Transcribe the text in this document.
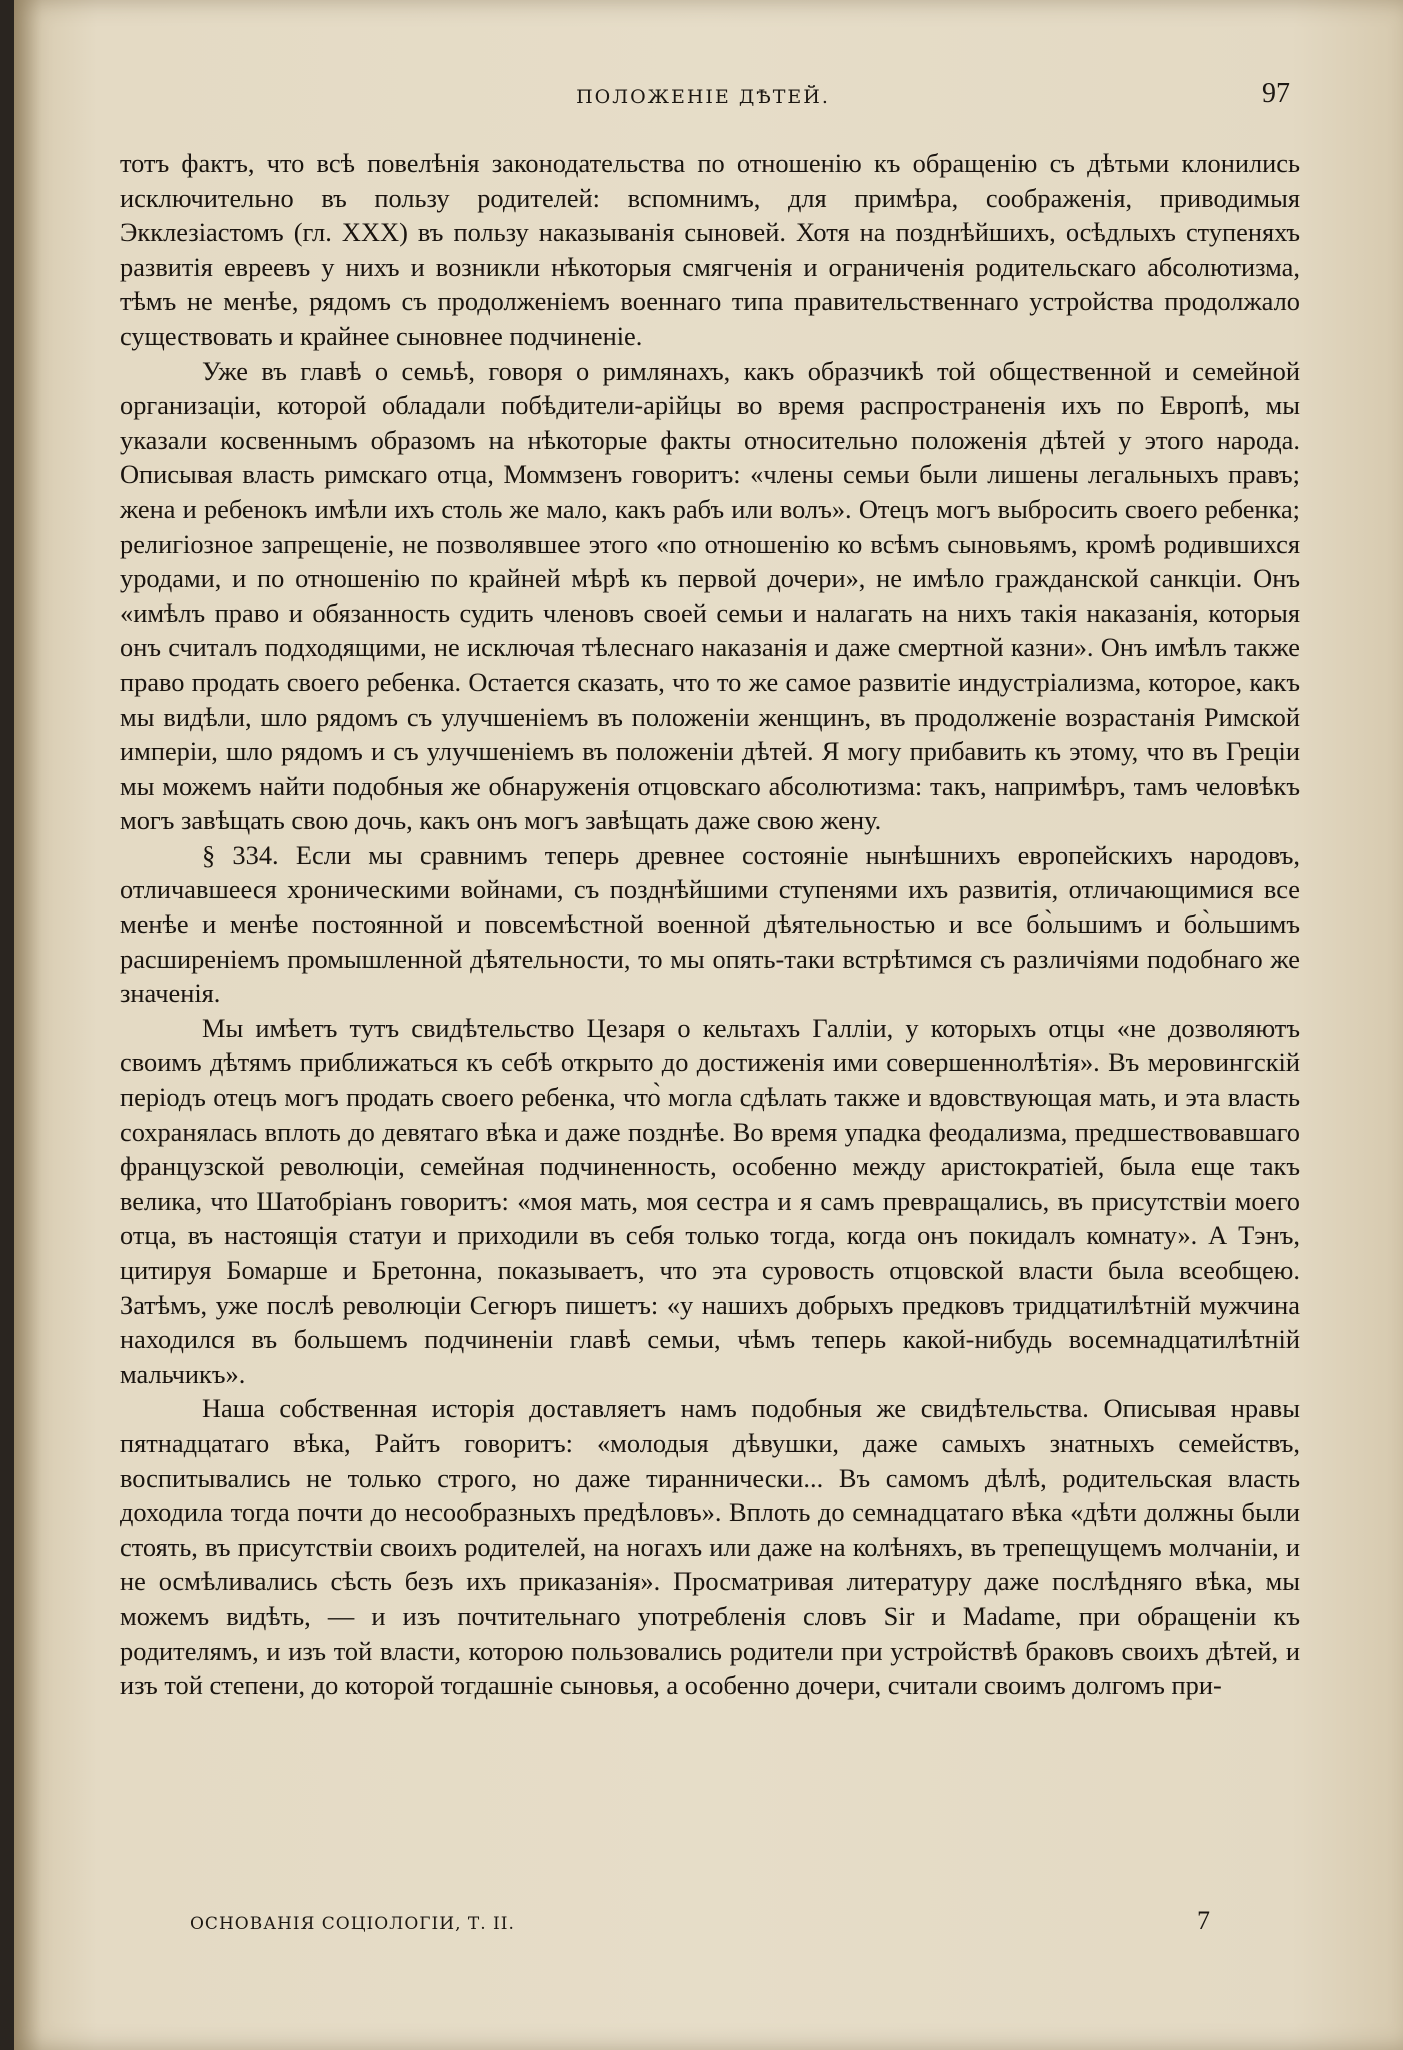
ПОЛОЖЕНІЕ ДѢТЕЙ.	97

тотъ фактъ, что всѣ повелѣнія законодательства по отношенію къ обращенію съ дѣтьми клонились исключительно въ пользу родителей: вспомнимъ, для примѣра, соображенія, приводимыя Экклезіастомъ (гл. XXX) въ пользу наказыванія сыновей. Хотя на позднѣйшихъ, осѣдлыхъ ступеняхъ развитія евреевъ у нихъ и возникли нѣкоторыя смягченія и ограниченія родительскаго абсолютизма, тѣмъ не менѣе, рядомъ съ продолженіемъ военнаго типа правительственнаго устройства продолжало существовать и крайнее сыновнее подчиненіе.

Уже въ главѣ о семьѣ, говоря о римлянахъ, какъ образчикѣ той общественной и семейной организаціи, которой обладали побѣдители-арійцы во время распространенія ихъ по Европѣ, мы указали косвеннымъ образомъ на нѣкоторые факты относительно положенія дѣтей у этого народа. Описывая власть римскаго отца, Моммзенъ говоритъ: «члены семьи были лишены легальныхъ правъ; жена и ребенокъ имѣли ихъ столь же мало, какъ рабъ или волъ». Отецъ могъ выбросить своего ребенка; религіозное запрещеніе, не позволявшее этого «по отношенію ко всѣмъ сыновьямъ, кромѣ родившихся уродами, и по отношенію по крайней мѣрѣ къ первой дочери», не имѣло гражданской санкціи. Онъ «имѣлъ право и обязанность судить членовъ своей семьи и налагать на нихъ такія наказанія, которыя онъ считалъ подходящими, не исключая тѣлеснаго наказанія и даже смертной казни». Онъ имѣлъ также право продать своего ребенка. Остается сказать, что то же самое развитіе индустріализма, которое, какъ мы видѣли, шло рядомъ съ улучшеніемъ въ положеніи женщинъ, въ продолженіе возрастанія Римской имперіи, шло рядомъ и съ улучшеніемъ въ положеніи дѣтей. Я могу прибавить къ этому, что въ Греціи мы можемъ найти подобныя же обнаруженія отцовскаго абсолютизма: такъ, напримѣръ, тамъ человѣкъ могъ завѣщать свою дочь, какъ онъ могъ завѣщать даже свою жену.

§ 334. Если мы сравнимъ теперь древнее состояніе нынѣшнихъ европейскихъ народовъ, отличавшееся хроническими войнами, съ позднѣйшими ступенями ихъ развитія, отличающимися все менѣе и менѣе постоянной и повсемѣстной военной дѣятельностью и все бо̀льшимъ и бо̀льшимъ расширеніемъ промышленной дѣятельности, то мы опять-таки встрѣтимся съ различіями подобнаго же значенія.

Мы имѣетъ тутъ свидѣтельство Цезаря о кельтахъ Галліи, у которыхъ отцы «не дозволяютъ своимъ дѣтямъ приближаться къ себѣ открыто до достиженія ими совершеннолѣтія». Въ меровингскій періодъ отецъ могъ продать своего ребенка, что̀ могла сдѣлать также и вдовствующая мать, и эта власть сохранялась вплоть до девятаго вѣка и даже позднѣе. Во время упадка феодализма, предшествовавшаго французской революціи, семейная подчиненность, особенно между аристократіей, была еще такъ велика, что Шатобріанъ говоритъ: «моя мать, моя сестра и я самъ превращались, въ присутствіи моего отца, въ настоящія статуи и приходили въ себя только тогда, когда онъ покидалъ комнату». А Тэнъ, цитируя Бомарше и Бретонна, показываетъ, что эта суровость отцовской власти была всеобщею. Затѣмъ, уже послѣ революціи Сегюръ пишетъ: «у нашихъ добрыхъ предковъ тридцатилѣтній мужчина находился въ большемъ подчиненіи главѣ семьи, чѣмъ теперь какой-нибудь восемнадцатилѣтній мальчикъ».

Наша собственная исторія доставляетъ намъ подобныя же свидѣтельства. Описывая нравы пятнадцатаго вѣка, Райтъ говоритъ: «молодыя дѣвушки, даже самыхъ знатныхъ семействъ, воспитывались не только строго, но даже тираннически... Въ самомъ дѣлѣ, родительская власть доходила тогда почти до несообразныхъ предѣловъ». Вплоть до семнадцатаго вѣка «дѣти должны были стоять, въ присутствіи своихъ родителей, на ногахъ или даже на колѣняхъ, въ трепещущемъ молчаніи, и не осмѣливались сѣсть безъ ихъ приказанія». Просматривая литературу даже послѣдняго вѣка, мы можемъ видѣть, — и изъ почтительнаго употребленія словъ Sir и Madame, при обращеніи къ родителямъ, и изъ той власти, которою пользовались родители при устройствѣ браковъ своихъ дѣтей, и изъ той степени, до которой тогдашніе сыновья, а особенно дочери, считали своимъ долгомъ при-

ОСНОВАНІЯ СОЦІОЛОГІИ, Т. II.	7
